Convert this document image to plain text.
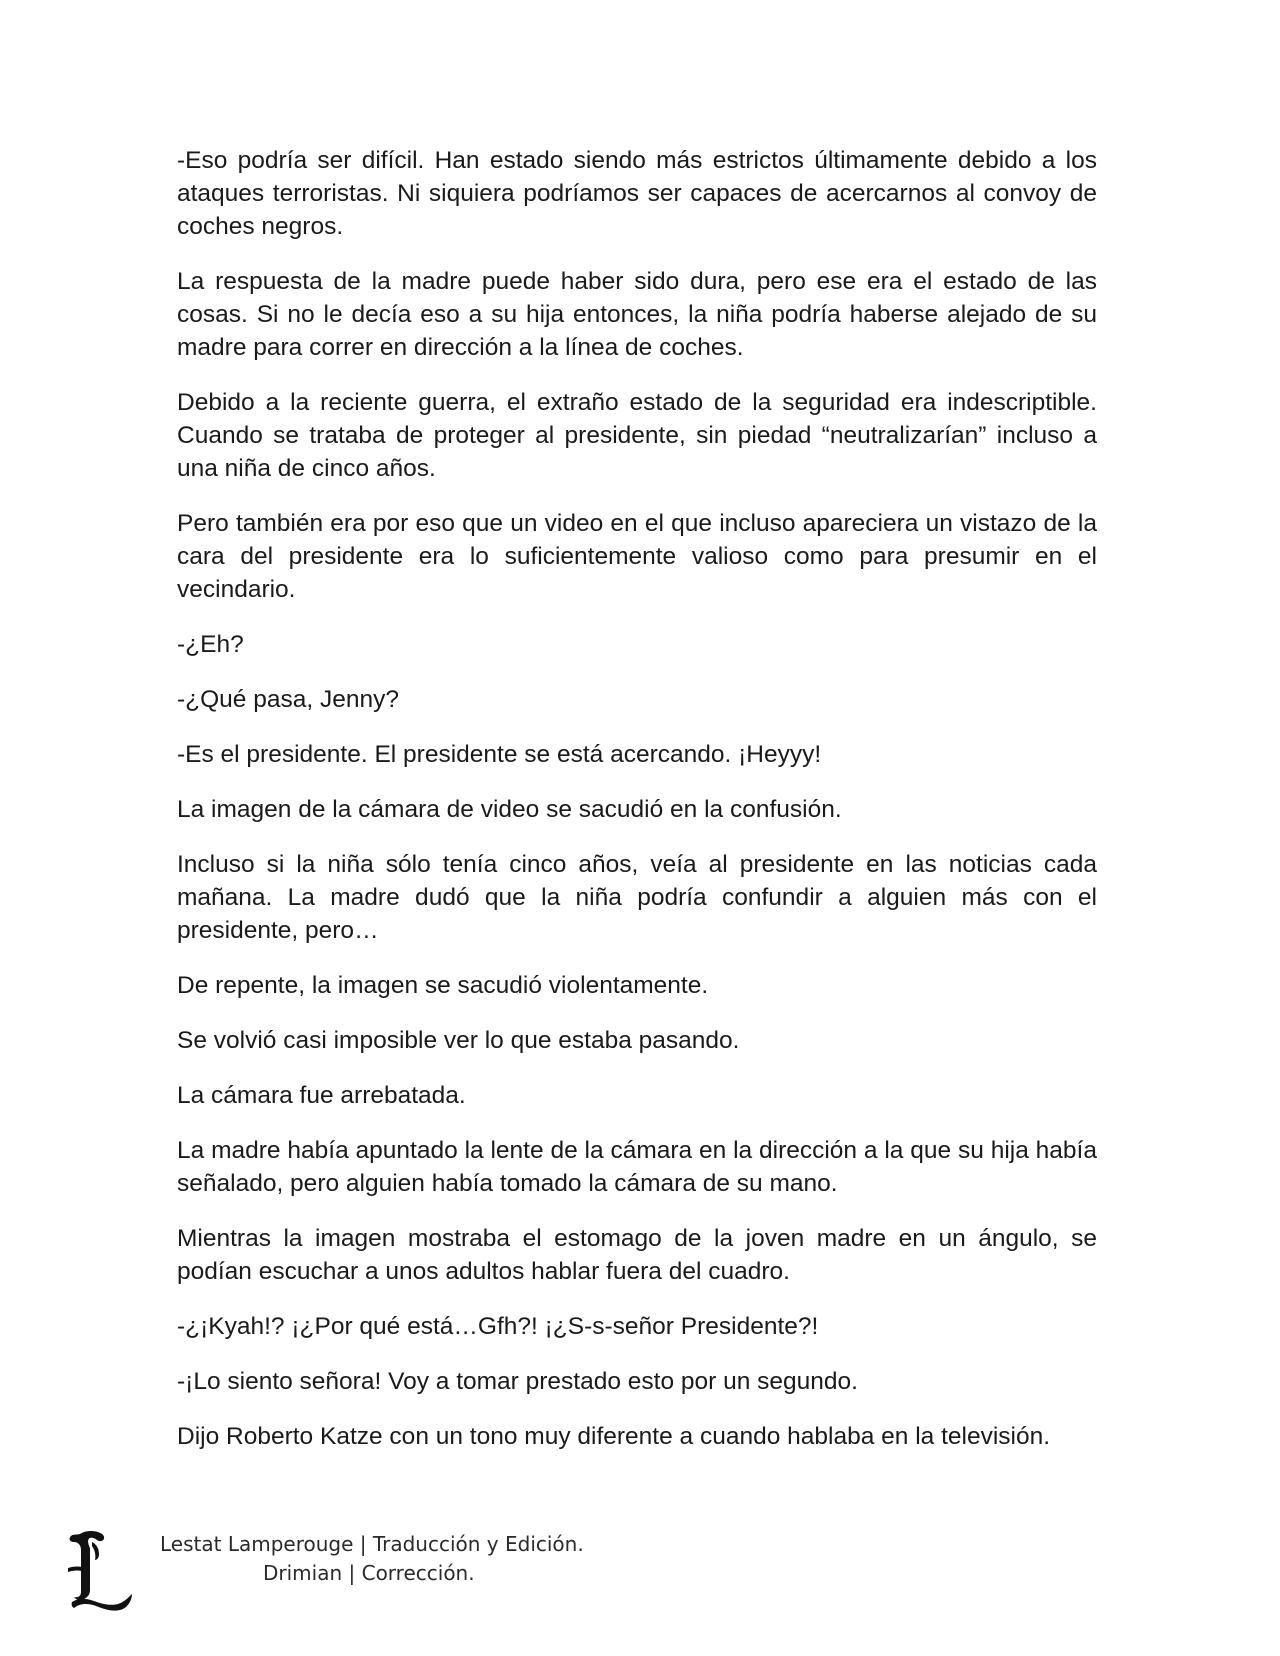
-Eso podría ser difícil. Han estado siendo más estrictos últimamente debido a los ataques terroristas. Ni siquiera podríamos ser capaces de acercarnos al convoy de coches negros.

La respuesta de la madre puede haber sido dura, pero ese era el estado de las cosas. Si no le decía eso a su hija entonces, la niña podría haberse alejado de su madre para correr en dirección a la línea de coches.

Debido a la reciente guerra, el extraño estado de la seguridad era indescriptible. Cuando se trataba de proteger al presidente, sin piedad “neutralizarían” incluso a una niña de cinco años.

Pero también era por eso que un video en el que incluso apareciera un vistazo de la cara del presidente era lo suficientemente valioso como para presumir en el vecindario.

-¿Eh?

-¿Qué pasa, Jenny?

-Es el presidente. El presidente se está acercando. ¡Heyyy!

La imagen de la cámara de video se sacudió en la confusión.

Incluso si la niña sólo tenía cinco años, veía al presidente en las noticias cada mañana. La madre dudó que la niña podría confundir a alguien más con el presidente, pero…

De repente, la imagen se sacudió violentamente.

Se volvió casi imposible ver lo que estaba pasando.

La cámara fue arrebatada.

La madre había apuntado la lente de la cámara en la dirección a la que su hija había señalado, pero alguien había tomado la cámara de su mano.

Mientras la imagen mostraba el estomago de la joven madre en un ángulo, se podían escuchar a unos adultos hablar fuera del cuadro.

-¿¡Kyah!? ¡¿Por qué está…Gfh?! ¡¿S-s-señor Presidente?!

-¡Lo siento señora! Voy a tomar prestado esto por un segundo.

Dijo Roberto Katze con un tono muy diferente a cuando hablaba en la televisión.

Lestat Lamperouge | Traducción y Edición.
Drimian | Corrección.
